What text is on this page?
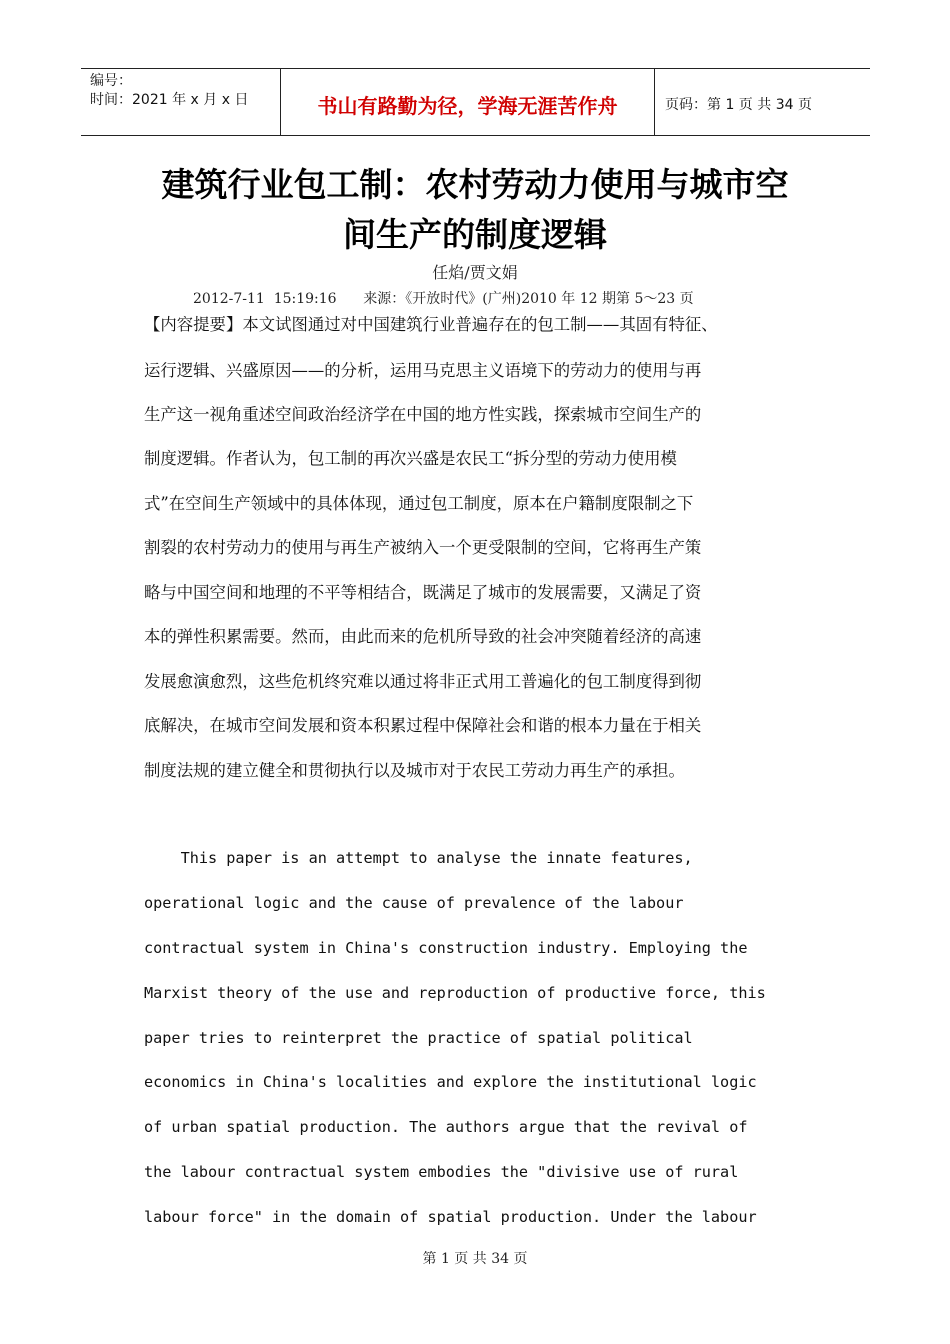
编号：
时间：2021 年 x 月 x 日	书山有路勤为径，学海无涯苦作舟	页码：第 1 页 共 34 页
建筑行业包工制：农村劳动力使用与城市空
间生产的制度逻辑
任焰/贾文娟
2012-7-11  15:19:16      来源：《开放时代》(广州)2010 年 12 期第 5～23 页
【内容提要】本文试图通过对中国建筑行业普遍存在的包工制——其固有特征、
运行逻辑、兴盛原因——的分析，运用马克思主义语境下的劳动力的使用与再
生产这一视角重述空间政治经济学在中国的地方性实践，探索城市空间生产的
制度逻辑。作者认为，包工制的再次兴盛是农民工“拆分型的劳动力使用模
式”在空间生产领域中的具体体现，通过包工制度，原本在户籍制度限制之下
割裂的农村劳动力的使用与再生产被纳入一个更受限制的空间，它将再生产策
略与中国空间和地理的不平等相结合，既满足了城市的发展需要，又满足了资
本的弹性积累需要。然而，由此而来的危机所导致的社会冲突随着经济的高速
发展愈演愈烈，这些危机终究难以通过将非正式用工普遍化的包工制度得到彻
底解决，在城市空间发展和资本积累过程中保障社会和谐的根本力量在于相关
制度法规的建立健全和贯彻执行以及城市对于农民工劳动力再生产的承担。
This paper is an attempt to analyse the innate features,
operational logic and the cause of prevalence of the labour
contractual system in China's construction industry. Employing the
Marxist theory of the use and reproduction of productive force, this
paper tries to reinterpret the practice of spatial political
economics in China's localities and explore the institutional logic
of urban spatial production. The authors argue that the revival of
the labour contractual system embodies the "divisive use of rural
labour force" in the domain of spatial production. Under the labour
第 1 页 共 34 页
